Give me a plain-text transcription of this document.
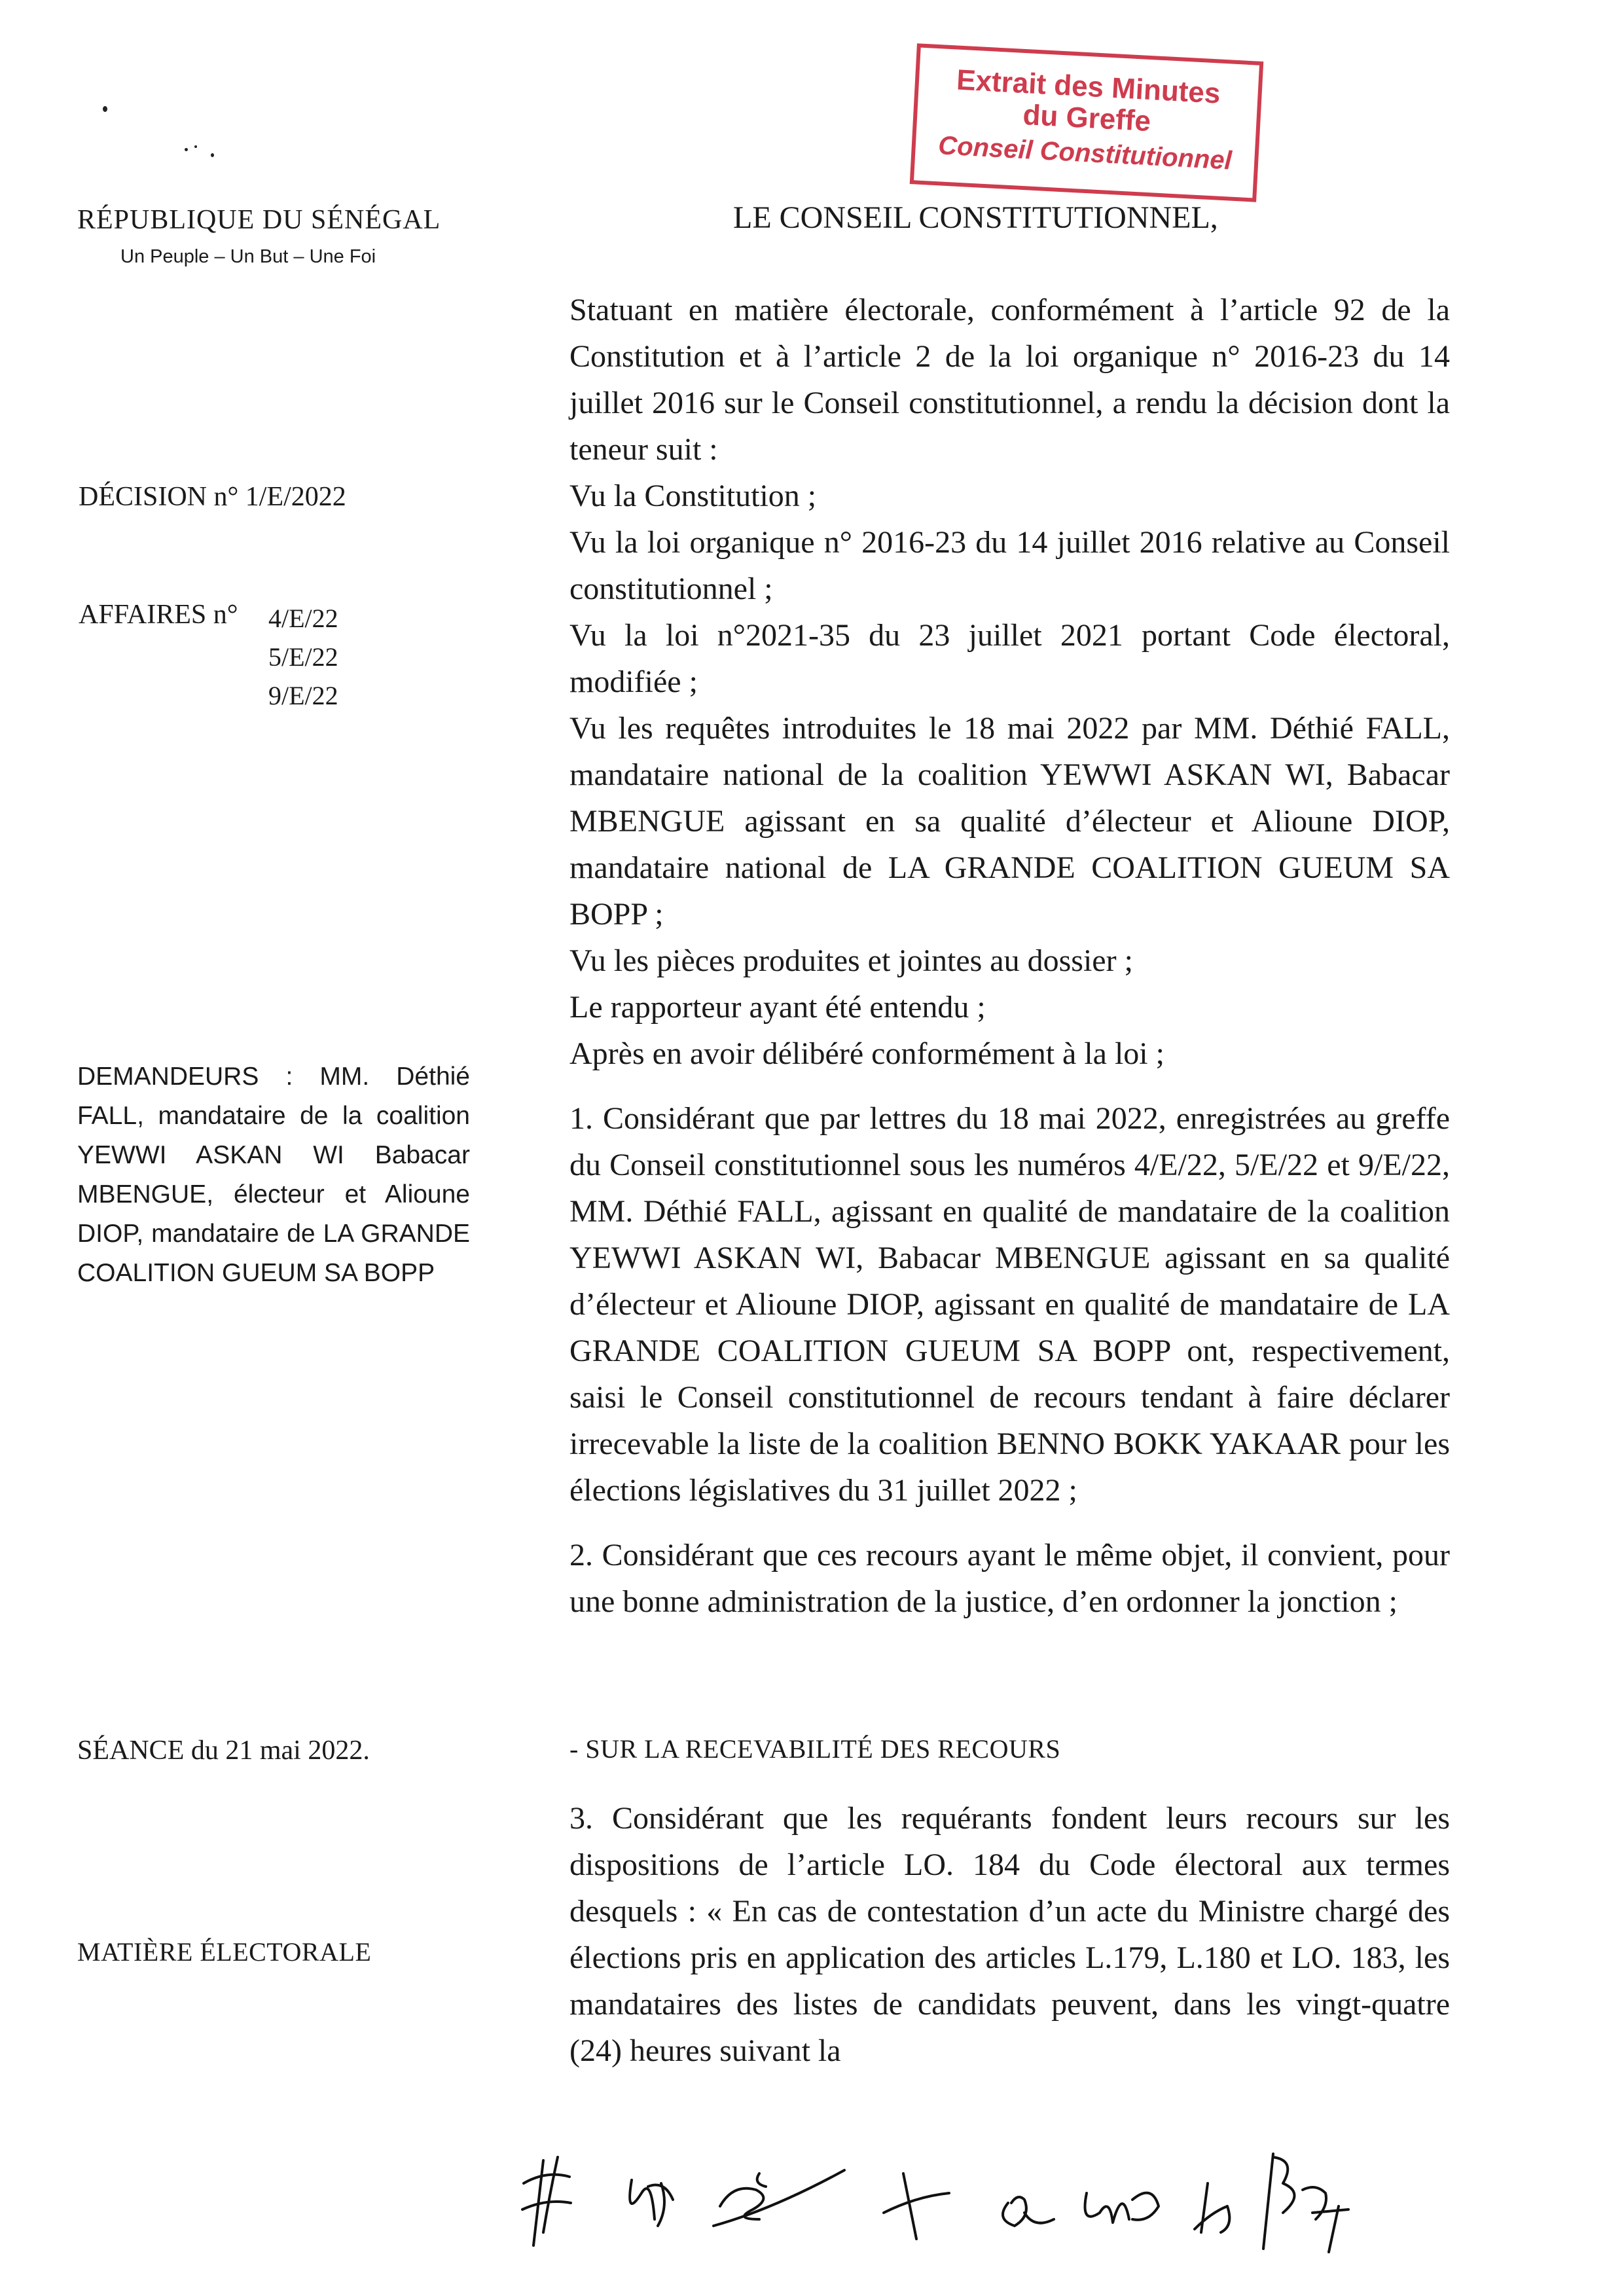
RÉPUBLIQUE DU SÉNÉGAL
Un Peuple – Un But – Une Foi
LE CONSEIL CONSTITUTIONNEL,
Extrait des Minutes
du Greffe
Conseil Constitutionnel
DÉCISION n° 1/E/2022
AFFAIRES n° 4/E/22
5/E/22
9/E/22
DEMANDEURS : MM. Déthié FALL, mandataire de la coalition YEWWI ASKAN WI Babacar MBENGUE, électeur et Alioune DIOP, mandataire de LA GRANDE COALITION GUEUM SA BOPP
SÉANCE du 21 mai 2022.
MATIÈRE ÉLECTORALE

Statuant en matière électorale, conformément à l’article 92 de la Constitution et à l’article 2 de la loi organique n° 2016-23 du 14 juillet 2016 sur le Conseil constitutionnel, a rendu la décision dont la teneur suit :

Vu la Constitution ;

Vu la loi organique n° 2016-23 du 14 juillet 2016 relative au Conseil constitutionnel ;

Vu la loi n°2021-35 du 23 juillet 2021 portant Code électoral, modifiée ;

Vu les requêtes introduites le 18 mai 2022 par MM. Déthié FALL, mandataire national de la coalition YEWWI ASKAN WI, Babacar MBENGUE agissant en sa qualité d’électeur et Alioune DIOP, mandataire national de LA GRANDE COALITION GUEUM SA BOPP ;

Vu les pièces produites et jointes au dossier ;

Le rapporteur ayant été entendu ;

Après en avoir délibéré conformément à la loi ;

1. Considérant que par lettres du 18 mai 2022, enregistrées au greffe du Conseil constitutionnel sous les numéros 4/E/22, 5/E/22 et 9/E/22, MM. Déthié FALL, agissant en qualité de mandataire de la coalition YEWWI ASKAN WI, Babacar MBENGUE agissant en sa qualité d’électeur et Alioune DIOP, agissant en qualité de mandataire de LA GRANDE COALITION GUEUM SA BOPP ont, respectivement, saisi le Conseil constitutionnel de recours tendant à faire déclarer irrecevable la liste de la coalition BENNO BOKK YAKAAR pour les élections législatives du 31 juillet 2022 ;

2. Considérant que ces recours ayant le même objet, il convient, pour une bonne administration de la justice, d’en ordonner la jonction ;

- SUR LA RECEVABILITÉ DES RECOURS

3. Considérant que les requérants fondent leurs recours sur les dispositions de l’article LO. 184 du Code électoral aux termes desquels : « En cas de contestation d’un acte du Ministre chargé des élections pris en application des articles L.179, L.180 et LO. 183, les mandataires des listes de candidats peuvent, dans les vingt-quatre (24) heures suivant la
